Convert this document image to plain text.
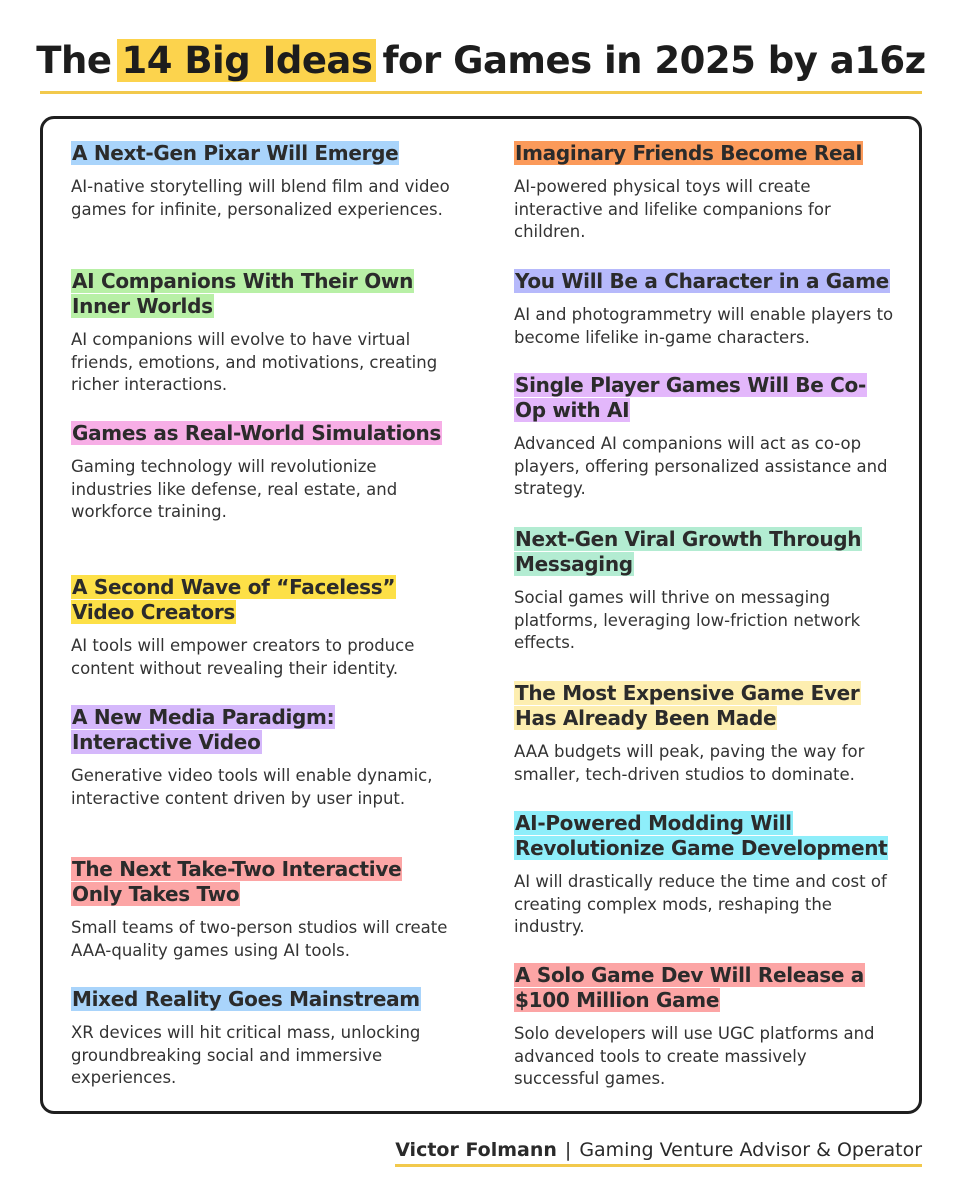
The 14 Big Ideas for Games in 2025 by a16z
A Next-Gen Pixar Will Emerge
AI-native storytelling will blend film and video games for infinite, personalized experiences.
AI Companions With Their Own Inner Worlds
AI companions will evolve to have virtual friends, emotions, and motivations, creating richer interactions.
Games as Real-World Simulations
Gaming technology will revolutionize industries like defense, real estate, and workforce training.
A Second Wave of “Faceless” Video Creators
AI tools will empower creators to produce content without revealing their identity.
A New Media Paradigm: Interactive Video
Generative video tools will enable dynamic, interactive content driven by user input.
The Next Take-Two Interactive Only Takes Two
Small teams of two-person studios will create AAA-quality games using AI tools.
Mixed Reality Goes Mainstream
XR devices will hit critical mass, unlocking groundbreaking social and immersive experiences.
Imaginary Friends Become Real
AI-powered physical toys will create interactive and lifelike companions for children.
You Will Be a Character in a Game
AI and photogrammetry will enable players to become lifelike in-game characters.
Single Player Games Will Be Co-Op with AI
Advanced AI companions will act as co-op players, offering personalized assistance and strategy.
Next-Gen Viral Growth Through Messaging
Social games will thrive on messaging platforms, leveraging low-friction network effects.
The Most Expensive Game Ever Has Already Been Made
AAA budgets will peak, paving the way for smaller, tech-driven studios to dominate.
AI-Powered Modding Will Revolutionize Game Development
AI will drastically reduce the time and cost of creating complex mods, reshaping the industry.
A Solo Game Dev Will Release a $100 Million Game
Solo developers will use UGC platforms and advanced tools to create massively successful games.
Victor Folmann | Gaming Venture Advisor & Operator
